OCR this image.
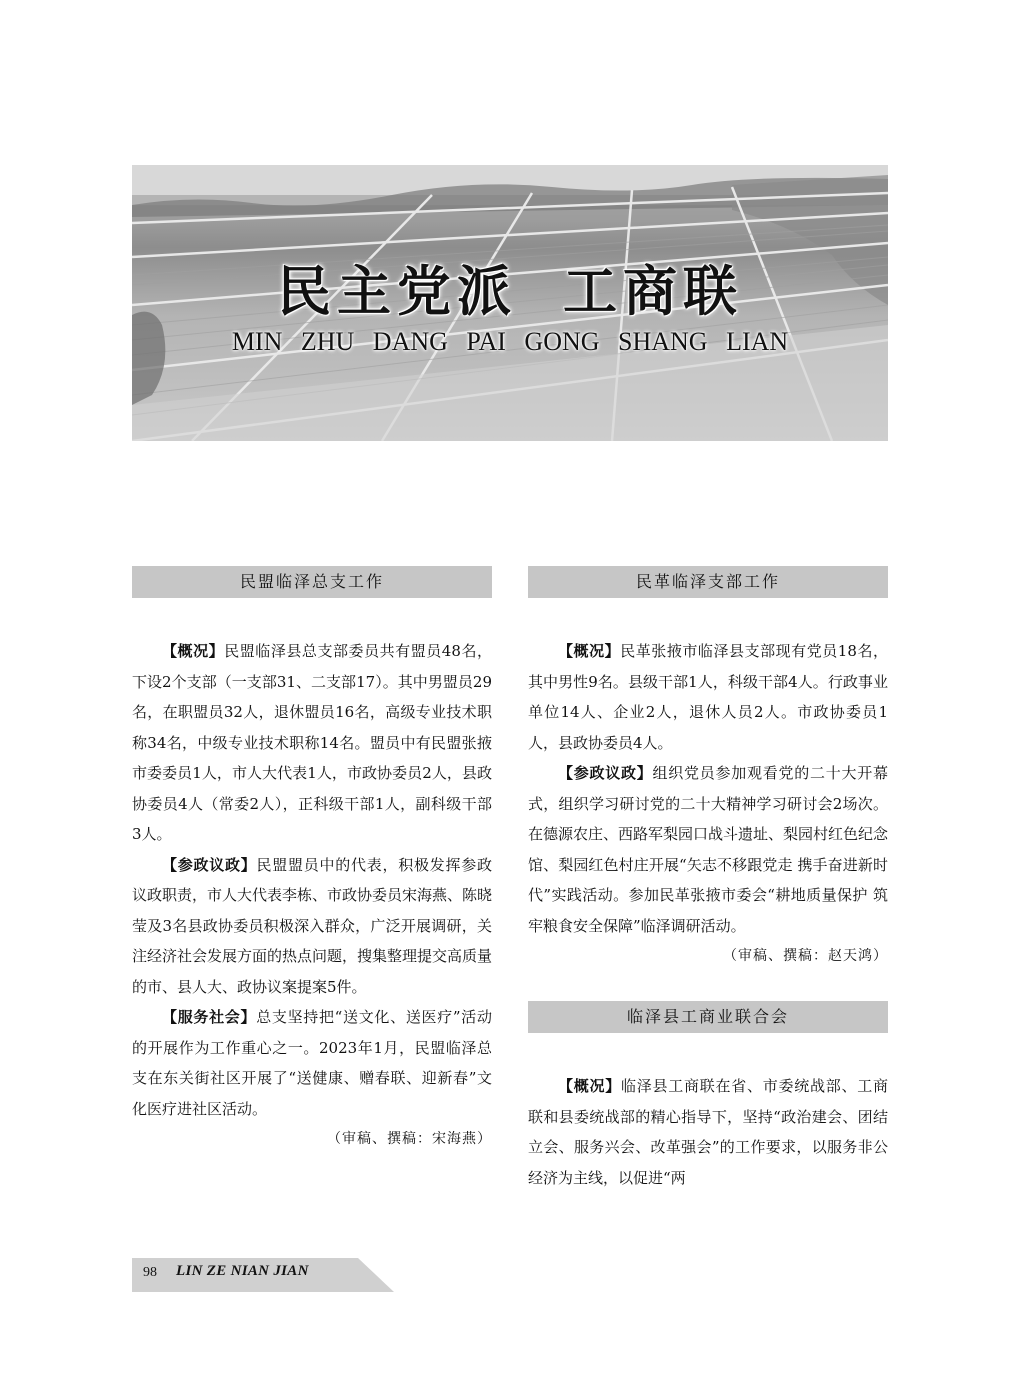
民主党派 工商联
MIN ZHU DANG PAI GONG SHANG LIAN
民盟临泽总支工作

【概况】民盟临泽县总支部委员共有盟员48名，下设2个支部（一支部31、二支部17）。其中男盟员29名，在职盟员32人，退休盟员16名，高级专业技术职称34名，中级专业技术职称14名。盟员中有民盟张掖市委委员1人，市人大代表1人，市政协委员2人，县政协委员4人（常委2人），正科级干部1人，副科级干部3人。

【参政议政】民盟盟员中的代表，积极发挥参政议政职责，市人大代表李栋、市政协委员宋海燕、陈晓莹及3名县政协委员积极深入群众，广泛开展调研，关注经济社会发展方面的热点问题，搜集整理提交高质量的市、县人大、政协议案提案5件。

【服务社会】总支坚持把“送文化、送医疗”活动的开展作为工作重心之一。2023年1月，民盟临泽总支在东关街社区开展了“送健康、赠春联、迎新春”文化医疗进社区活动。

（审稿、撰稿：宋海燕）
民革临泽支部工作

【概况】民革张掖市临泽县支部现有党员18名，其中男性9名。县级干部1人，科级干部4人。行政事业单位14人、企业2人，退休人员2人。市政协委员1人，县政协委员4人。

【参政议政】组织党员参加观看党的二十大开幕式，组织学习研讨党的二十大精神学习研讨会2场次。在德源农庄、西路军梨园口战斗遗址、梨园村红色纪念馆、梨园红色村庄开展“矢志不移跟党走 携手奋进新时代”实践活动。参加民革张掖市委会“耕地质量保护 筑牢粮食安全保障”临泽调研活动。

（审稿、撰稿：赵天鸿）
临泽县工商业联合会

【概况】临泽县工商联在省、市委统战部、工商联和县委统战部的精心指导下，坚持“政治建会、团结立会、服务兴会、改革强会”的工作要求，以服务非公经济为主线，以促进“两

98 LIN ZE NIAN JIAN
